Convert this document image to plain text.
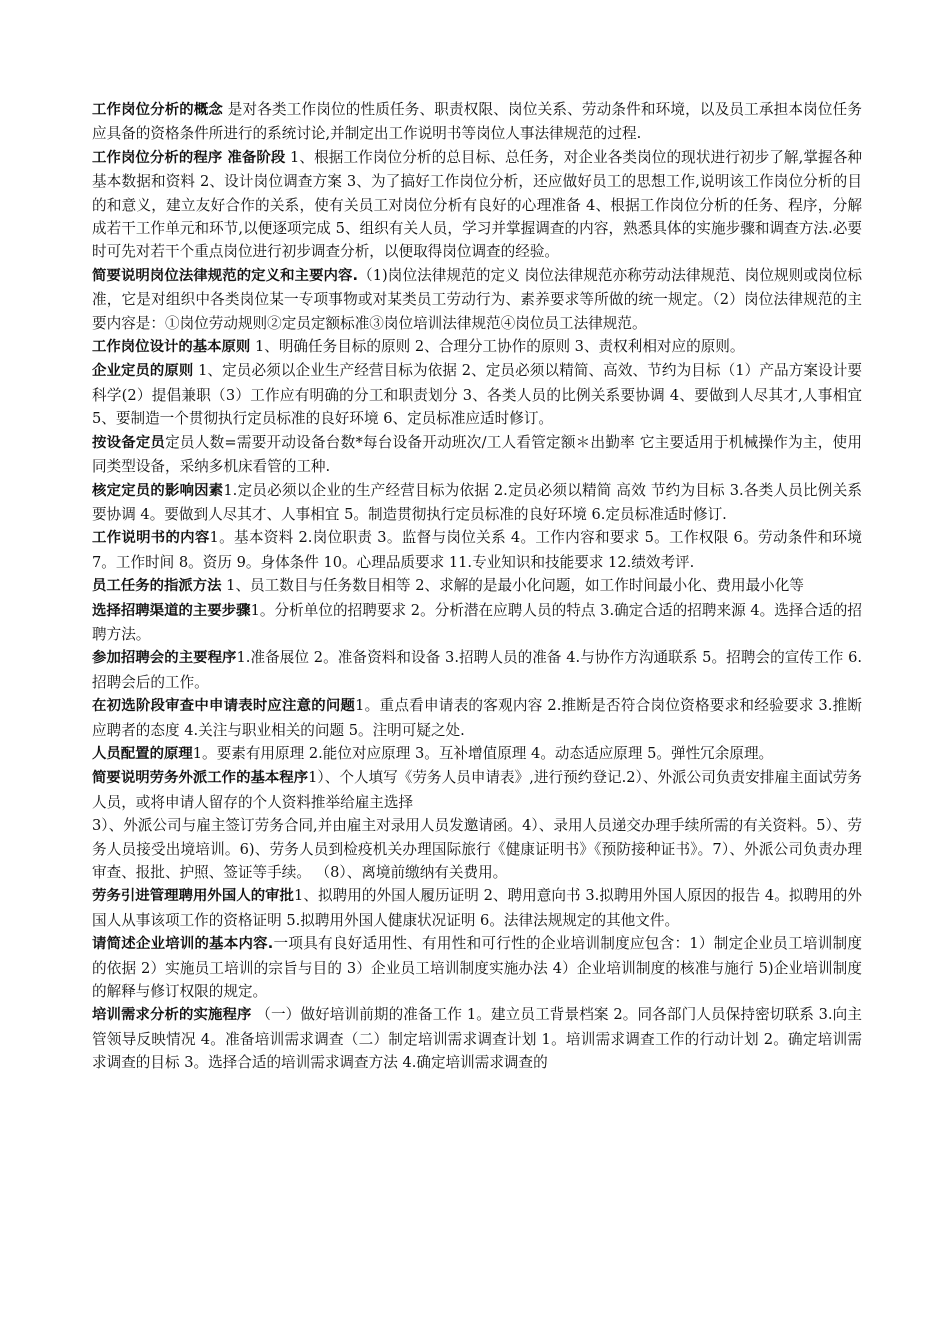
工作岗位分析的概念 是对各类工作岗位的性质任务、职责权限、岗位关系、劳动条件和环境，以及员工承担本岗位任务应具备的资格条件所进行的系统讨论,并制定出工作说明书等岗位人事法律规范的过程.

工作岗位分析的程序 准备阶段 1、根据工作岗位分析的总目标、总任务，对企业各类岗位的现状进行初步了解,掌握各种基本数据和资料 2、设计岗位调查方案 3、为了搞好工作岗位分析，还应做好员工的思想工作,说明该工作岗位分析的目的和意义，建立友好合作的关系，使有关员工对岗位分析有良好的心理准备 4、根据工作岗位分析的任务、程序，分解成若干工作单元和环节,以便逐项完成 5、组织有关人员，学习并掌握调查的内容，熟悉具体的实施步骤和调查方法.必要时可先对若干个重点岗位进行初步调查分析，以便取得岗位调查的经验。

简要说明岗位法律规范的定义和主要内容.（1)岗位法律规范的定义 岗位法律规范亦称劳动法律规范、岗位规则或岗位标准，它是对组织中各类岗位某一专项事物或对某类员工劳动行为、素养要求等所做的统一规定。（2）岗位法律规范的主要内容是：①岗位劳动规则②定员定额标准③岗位培训法律规范④岗位员工法律规范。

工作岗位设计的基本原则 1、明确任务目标的原则 2、合理分工协作的原则 3、责权利相对应的原则。

企业定员的原则 1、定员必须以企业生产经营目标为依据 2、定员必须以精简、高效、节约为目标（1）产品方案设计要科学(2）提倡兼职（3）工作应有明确的分工和职责划分 3、各类人员的比例关系要协调 4、要做到人尽其才,人事相宜 5、要制造一个贯彻执行定员标准的良好环境 6、定员标准应适时修订。

按设备定员定员人数=需要开动设备台数*每台设备开动班次/工人看管定额＊出勤率 它主要适用于机械操作为主，使用同类型设备，采纳多机床看管的工种.

核定定员的影响因素1.定员必须以企业的生产经营目标为依据 2.定员必须以精简 高效 节约为目标 3.各类人员比例关系要协调 4。要做到人尽其才、人事相宜 5。制造贯彻执行定员标准的良好环境 6.定员标准适时修订.

工作说明书的内容1。基本资料 2.岗位职责 3。监督与岗位关系 4。工作内容和要求 5。工作权限 6。劳动条件和环境 7。工作时间 8。资历 9。身体条件 10。心理品质要求 11.专业知识和技能要求 12.绩效考评.

员工任务的指派方法 1、员工数目与任务数目相等 2、求解的是最小化问题，如工作时间最小化、费用最小化等

选择招聘渠道的主要步骤1。分析单位的招聘要求 2。分析潜在应聘人员的特点 3.确定合适的招聘来源 4。选择合适的招聘方法。

参加招聘会的主要程序1.准备展位 2。准备资料和设备 3.招聘人员的准备 4.与协作方沟通联系 5。招聘会的宣传工作 6.招聘会后的工作。

在初选阶段审查中申请表时应注意的问题1。重点看申请表的客观内容 2.推断是否符合岗位资格要求和经验要求 3.推断应聘者的态度 4.关注与职业相关的问题 5。注明可疑之处.

人员配置的原理1。要素有用原理 2.能位对应原理 3。互补增值原理 4。动态适应原理 5。弹性冗余原理。

简要说明劳务外派工作的基本程序1）、个人填写《劳务人员申请表》,进行预约登记.2）、外派公司负责安排雇主面试劳务人员，或将申请人留存的个人资料推举给雇主选择
3）、外派公司与雇主签订劳务合同,并由雇主对录用人员发邀请函。4）、录用人员递交办理手续所需的有关资料。5）、劳务人员接受出境培训。6)、劳务人员到检疫机关办理国际旅行《健康证明书》《预防接种证书》。7）、外派公司负责办理审查、报批、护照、签证等手续。 （8）、离境前缴纳有关费用。

劳务引进管理聘用外国人的审批1、拟聘用的外国人履历证明 2、聘用意向书 3.拟聘用外国人原因的报告 4。拟聘用的外国人从事该项工作的资格证明 5.拟聘用外国人健康状况证明 6。法律法规规定的其他文件。

请简述企业培训的基本内容.一项具有良好适用性、有用性和可行性的企业培训制度应包含：1）制定企业员工培训制度的依据 2）实施员工培训的宗旨与目的 3）企业员工培训制度实施办法 4）企业培训制度的核准与施行 5)企业培训制度的解释与修订权限的规定。

培训需求分析的实施程序 （一）做好培训前期的准备工作 1。建立员工背景档案 2。同各部门人员保持密切联系 3.向主管领导反映情况 4。准备培训需求调查（二）制定培训需求调查计划 1。培训需求调查工作的行动计划 2。确定培训需求调查的目标 3。选择合适的培训需求调查方法 4.确定培训需求调查的
